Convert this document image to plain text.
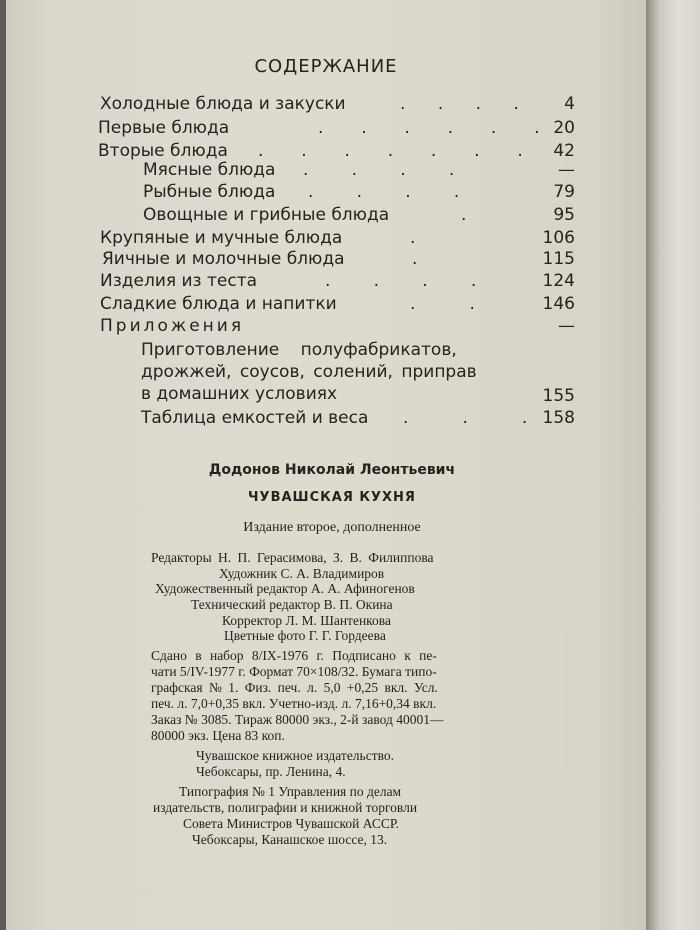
СОДЕРЖАНИЕ
Холодные блюда и закуски	.      .      .      .	4
Первые блюда	.       .       .       .       .       . 20
Вторые блюда .       .       .       .       .       .       .	42
Мясные блюда .        .        .        .	—
Рыбные блюда .        .        .        .	79
Овощные и грибные блюда	.	95
Крупяные и мучные блюда	.	106
Яичные и молочные блюда	.	115
Изделия из теста	.        .        .        .	124
Сладкие блюда и напитки	.          .	146
Приложения	—
Приготовление полуфабрикатов,
дрожжей, соусов, солений, приправ
в домашних условиях	155
Таблица емкостей и веса .          .          . 158
Додонов Николай Леонтьевич
ЧУВАШСКАЯ КУХНЯ
Издание второе, дополненное
Редакторы Н. П. Герасимова, З. В. Филиппова
Художник С. А. Владимиров
Художественный редактор А. А. Афиногенов
Технический редактор В. П. Окина
Корректор Л. М. Шантенкова
Цветные фото Г. Г. Гордеева
Сдано в набор 8/IX-1976 г. Подписано к пе-
чати 5/IV-1977 г. Формат 70×108/32. Бумага типо-
графская № 1. Физ. печ. л. 5,0 +0,25 вкл. Усл.
печ. л. 7,0+0,35 вкл. Учетно-изд. л. 7,16+0,34 вкл.
Заказ № 3085. Тираж 80000 экз., 2-й завод 40001—
80000 экз. Цена 83 коп.
Чувашское книжное издательство.
Чебоксары, пр. Ленина, 4.
Типография № 1 Управления по делам
издательств, полиграфии и книжной торговли
Совета Министров Чувашской АССР.
Чебоксары, Канашское шоссе, 13.
